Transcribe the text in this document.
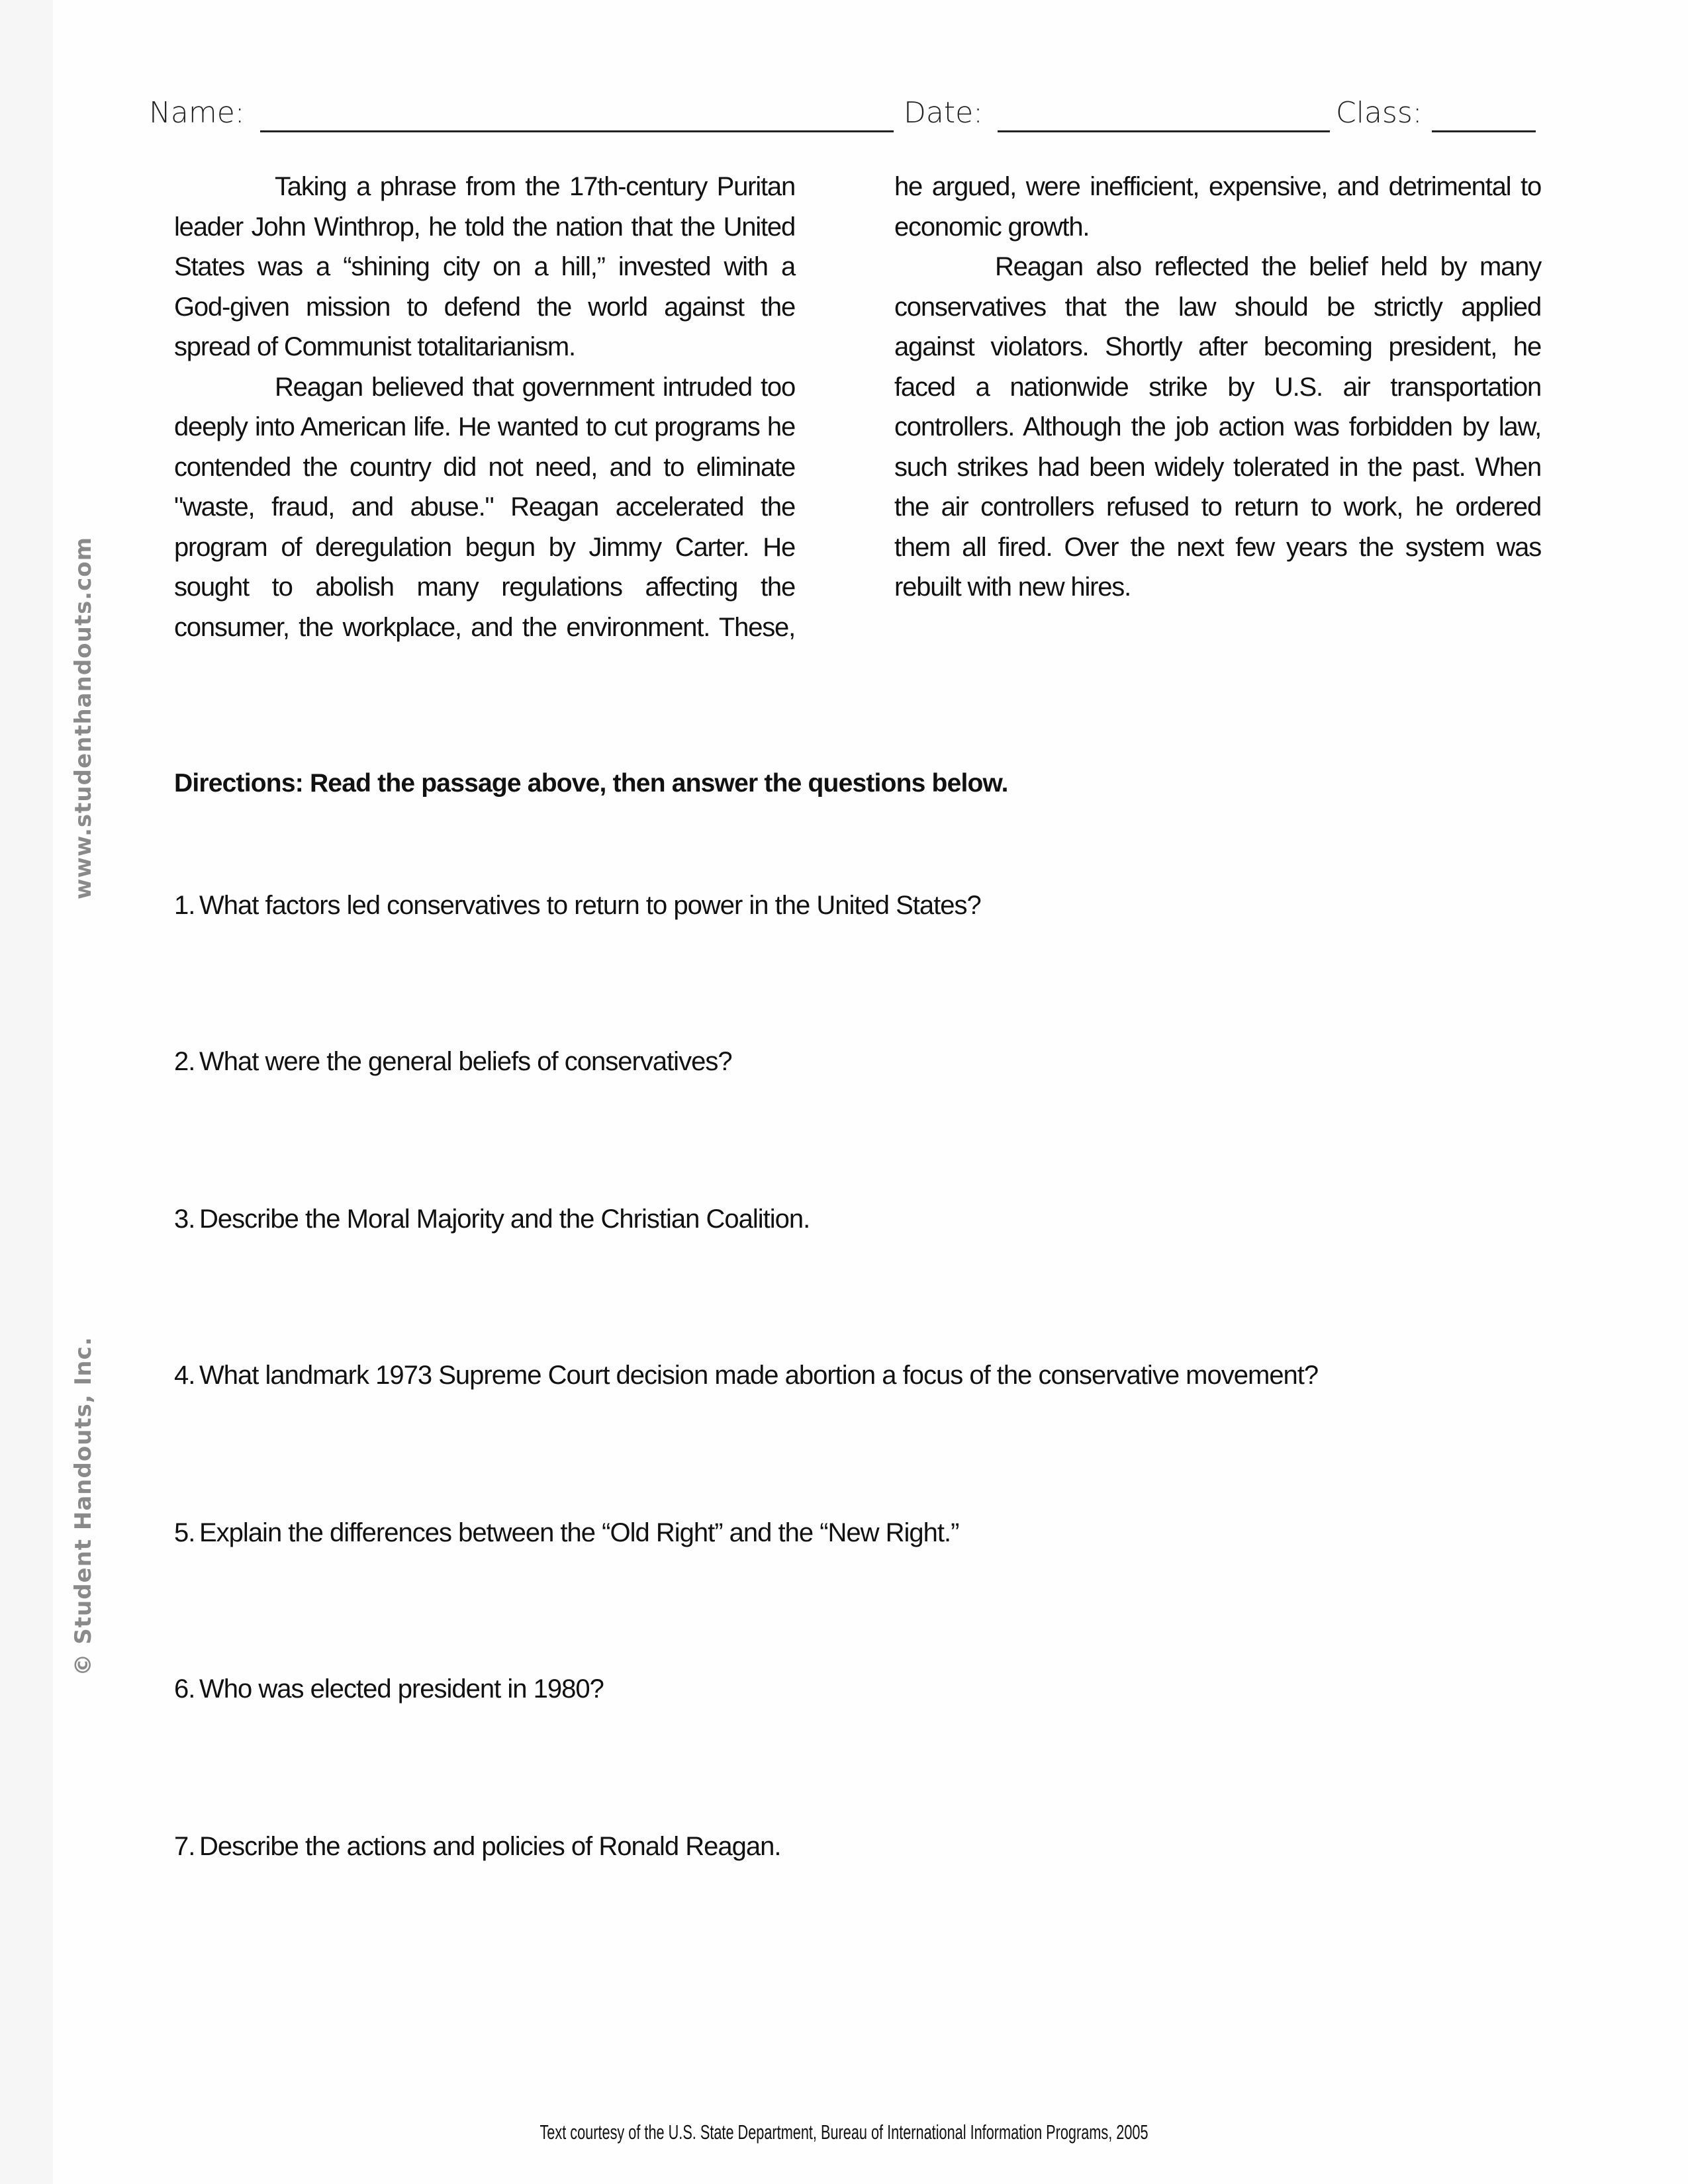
Name:	Date:	Class:
www.studenthandouts.com
© Student Handouts, Inc.
Taking a phrase from the 17th-century Puritan
leader John Winthrop, he told the nation that the United
States was a “shining city on a hill,” invested with a
God-given mission to defend the world against the
spread of Communist totalitarianism.
Reagan believed that government intruded too
deeply into American life. He wanted to cut programs he
contended the country did not need, and to eliminate
"waste, fraud, and abuse." Reagan accelerated the
program of deregulation begun by Jimmy Carter. He
sought to abolish many regulations affecting the
consumer, the workplace, and the environment. These,
he argued, were inefficient, expensive, and detrimental to
economic growth.
Reagan also reflected the belief held by many
conservatives that the law should be strictly applied
against violators. Shortly after becoming president, he
faced a nationwide strike by U.S. air transportation
controllers. Although the job action was forbidden by law,
such strikes had been widely tolerated in the past. When
the air controllers refused to return to work, he ordered
them all fired. Over the next few years the system was
rebuilt with new hires.
Directions: Read the passage above, then answer the questions below.
1. What factors led conservatives to return to power in the United States?
2. What were the general beliefs of conservatives?
3. Describe the Moral Majority and the Christian Coalition.
4. What landmark 1973 Supreme Court decision made abortion a focus of the conservative movement?
5. Explain the differences between the “Old Right” and the “New Right.”
6. Who was elected president in 1980?
7. Describe the actions and policies of Ronald Reagan.
Text courtesy of the U.S. State Department, Bureau of International Information Programs, 2005
